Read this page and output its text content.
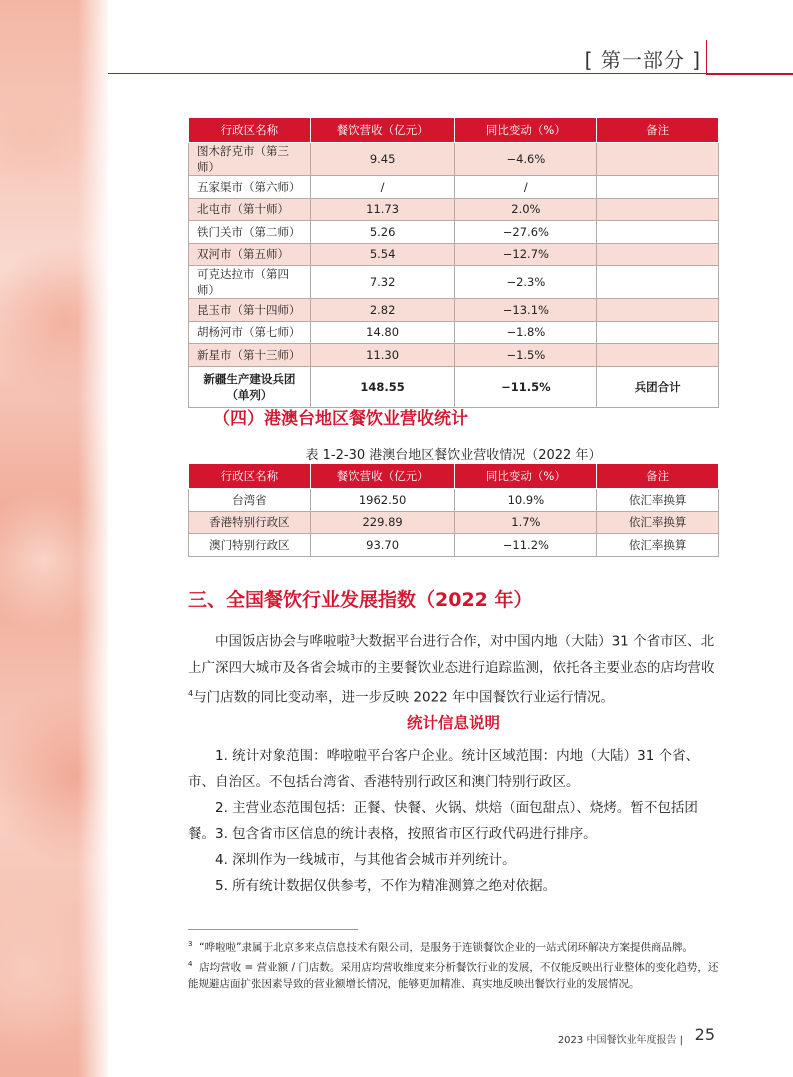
[ 第一部分 ]
行政区名称	餐饮营收（亿元）	同比变动（%）	备注
图木舒克市（第三师）	9.45	−4.6%	
五家渠市（第六师）	/	/	
北屯市（第十师）	11.73	2.0%	
铁门关市（第二师）	5.26	−27.6%	
双河市（第五师）	5.54	−12.7%	
可克达拉市（第四师）	7.32	−2.3%	
昆玉市（第十四师）	2.82	−13.1%	
胡杨河市（第七师）	14.80	−1.8%	
新星市（第十三师）	11.30	−1.5%	
新疆生产建设兵团（单列）	148.55	−11.5%	兵团合计
（四）港澳台地区餐饮业营收统计
表 1-2-30 港澳台地区餐饮业营收情况（2022 年）
行政区名称	餐饮营收（亿元）	同比变动（%）	备注
台湾省	1962.50	10.9%	依汇率换算
香港特别行政区	229.89	1.7%	依汇率换算
澳门特别行政区	93.70	−11.2%	依汇率换算
三、全国餐饮行业发展指数（2022 年）
中国饭店协会与哗啦啦$^3$大数据平台进行合作，对中国内地（大陆）31 个省市区、北上广深四大城市及各省会城市的主要餐饮业态进行追踪监测，依托各主要业态的店均营收$^4$与门店数的同比变动率，进一步反映 2022 年中国餐饮行业运行情况。
统计信息说明
1. 统计对象范围：哗啦啦平台客户企业。统计区域范围：内地（大陆）31 个省、市、自治区。不包括台湾省、香港特别行政区和澳门特别行政区。
2. 主营业态范围包括：正餐、快餐、火锅、烘焙（面包甜点）、烧烤。暂不包括团餐。 3. 包含省市区信息的统计表格，按照省市区行政代码进行排序。
4. 深圳作为一线城市，与其他省会城市并列统计。
5. 所有统计数据仅供参考，不作为精准测算之绝对依据。
$^3$ “哗啦啦”隶属于北京多来点信息技术有限公司，是服务于连锁餐饮企业的一站式闭环解决方案提供商品牌。
$^4$ 店均营收 = 营业额 / 门店数。采用店均营收维度来分析餐饮行业的发展，不仅能反映出行业整体的变化趋势，还能规避店面扩张因素导致的营业额增长情况，能够更加精准、真实地反映出餐饮行业的发展情况。
2023 中国餐饮业年度报告 | 25
